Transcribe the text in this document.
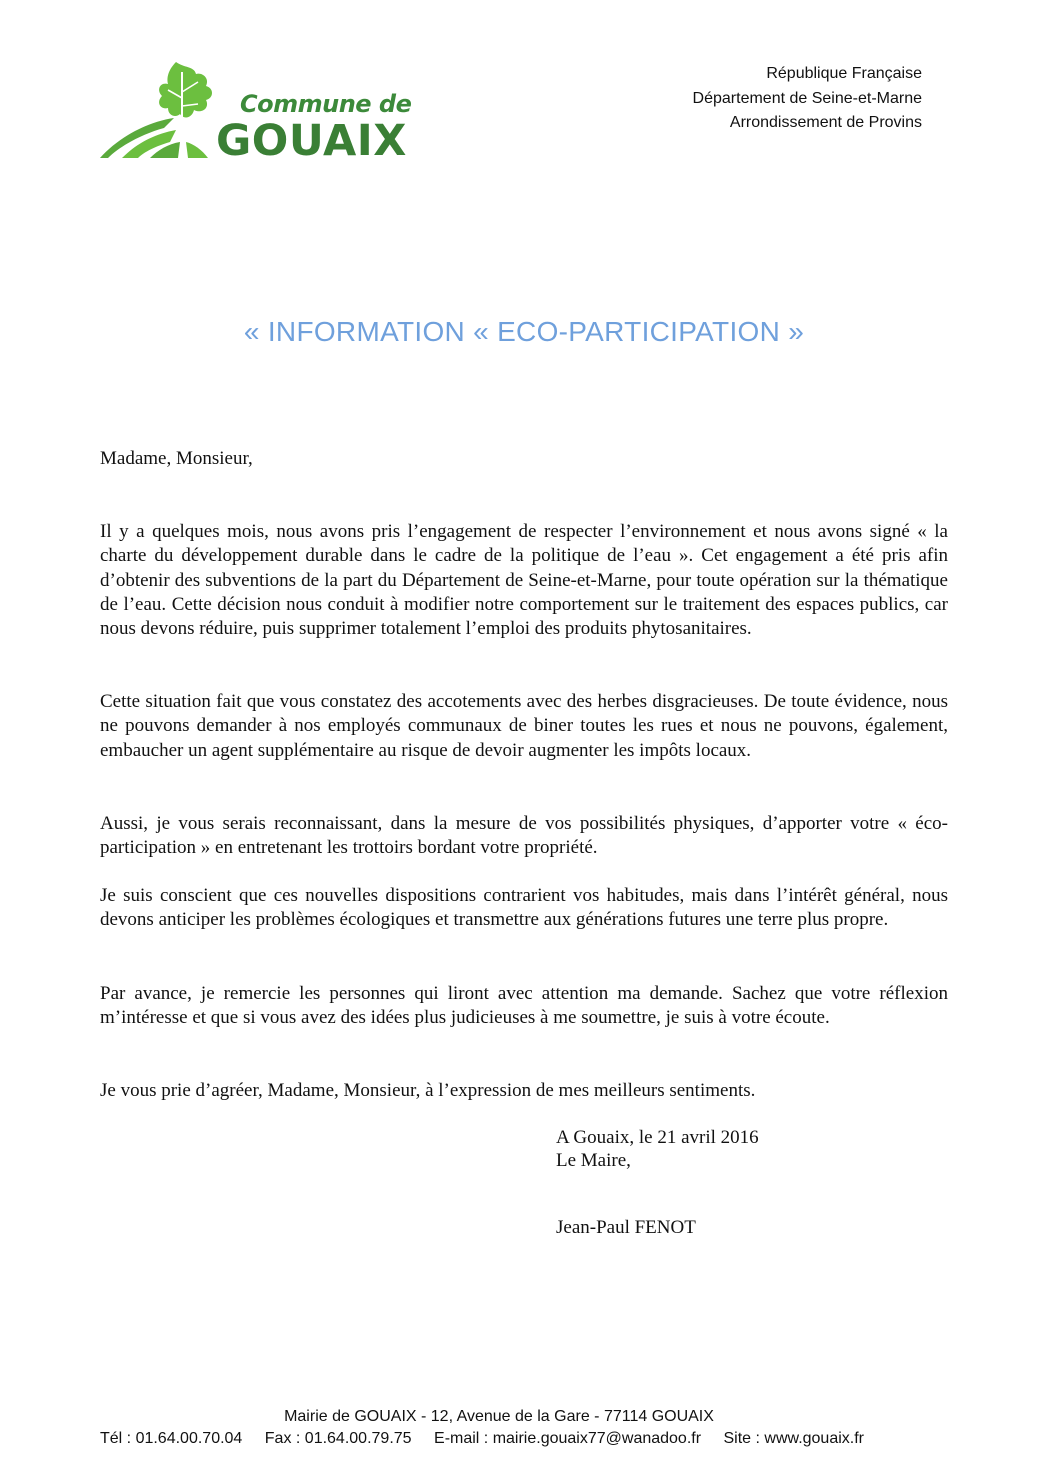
Commune de
GOUAIX
République Française
Département de Seine-et-Marne
Arrondissement de Provins
« INFORMATION « ECO-PARTICIPATION »
Madame, Monsieur,

Il y a quelques mois, nous avons pris l’engagement de respecter l’environnement et nous avons signé « la charte du développement durable dans le cadre de la politique de l’eau ». Cet engagement a été pris afin d’obtenir des subventions de la part du Département de Seine-et-Marne, pour toute opération sur la thématique de l’eau. Cette décision nous conduit à modifier notre comportement sur le traitement des espaces publics, car nous devons réduire, puis supprimer totalement l’emploi des produits phytosanitaires.

Cette situation fait que vous constatez des accotements avec des herbes disgracieuses. De toute évidence, nous ne pouvons demander à nos employés communaux de biner toutes les rues et nous ne pouvons, également, embaucher un agent supplémentaire au risque de devoir augmenter les impôts locaux.

Aussi, je vous serais reconnaissant, dans la mesure de vos possibilités physiques, d’apporter votre « éco-participation » en entretenant les trottoirs bordant votre propriété.

Je suis conscient que ces nouvelles dispositions contrarient vos habitudes, mais dans l’intérêt général, nous devons anticiper les problèmes écologiques et transmettre aux générations futures une terre plus propre.

Par avance, je remercie les personnes qui liront avec attention ma demande. Sachez que votre réflexion m’intéresse et que si vous avez des idées plus judicieuses à me soumettre, je suis à votre écoute.

Je vous prie d’agréer, Madame, Monsieur, à l’expression de mes meilleurs sentiments.

A Gouaix, le 21 avril 2016
Le Maire,
Jean-Paul FENOT
Mairie de GOUAIX - 12, Avenue de la Gare - 77114 GOUAIX
Tél : 01.64.00.70.04 Fax : 01.64.00.79.75 E-mail : mairie.gouaix77@wanadoo.fr Site : www.gouaix.fr
